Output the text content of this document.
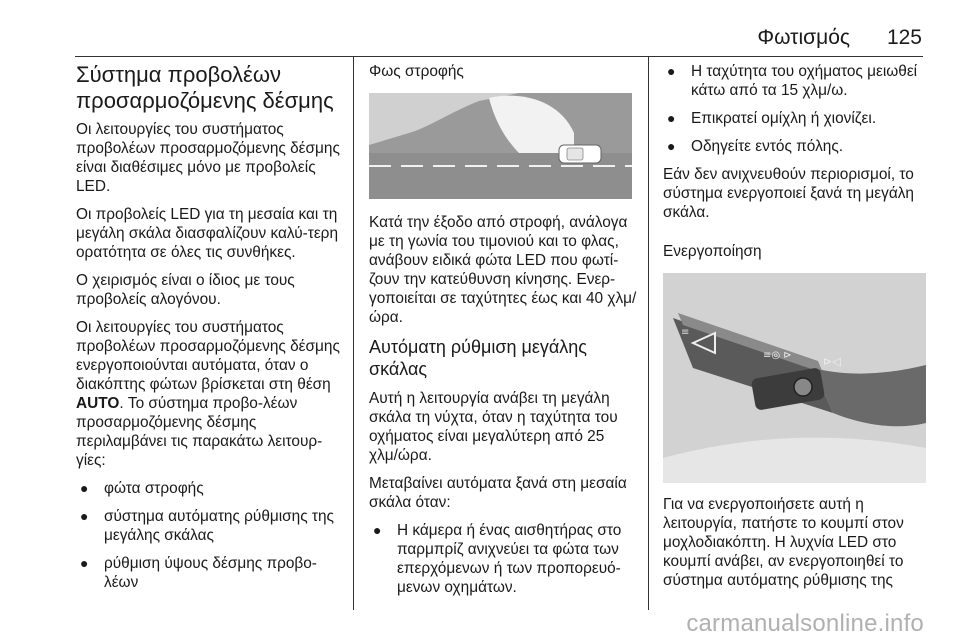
Φωτισμός 125
Σύστημα προβολέων προσαρμοζόμενης δέσμης

Οι λειτουργίες του συστήματος προβολέων προσαρμοζόμενης δέσμης είναι διαθέσιμες μόνο με προβολείς LED.

Οι προβολείς LED για τη μεσαία και τη μεγάλη σκάλα διασφαλίζουν καλύ-τερη ορατότητα σε όλες τις συνθήκες.

Ο χειρισμός είναι ο ίδιος με τους προβολείς αλογόνου.

Οι λειτουργίες του συστήματος προβολέων προσαρμοζόμενης δέσμης ενεργοποιούνται αυτόματα, όταν ο διακόπτης φώτων βρίσκεται στη θέση AUTO. Το σύστημα προβο-λέων προσαρμοζόμενης δέσμης περιλαμβάνει τις παρακάτω λειτουρ-γίες:

● φώτα στροφής
● σύστημα αυτόματης ρύθμισης της μεγάλης σκάλας
● ρύθμιση ύψους δέσμης προβο-λέων
Φως στροφής

Κατά την έξοδο από στροφή, ανάλογα με τη γωνία του τιμονιού και το φλας, ανάβουν ειδικά φώτα LED που φωτί-ζουν την κατεύθυνση κίνησης. Ενερ-γοποιείται σε ταχύτητες έως και 40 χλμ/ώρα.

Αυτόματη ρύθμιση μεγάλης σκάλας

Αυτή η λειτουργία ανάβει τη μεγάλη σκάλα τη νύχτα, όταν η ταχύτητα του οχήματος είναι μεγαλύτερη από 25 χλμ/ώρα.

Μεταβαίνει αυτόματα ξανά στη μεσαία σκάλα όταν:

● Η κάμερα ή ένας αισθητήρας στο παρμπρίζ ανιχνεύει τα φώτα των επερχόμενων ή των προπορευό-μενων οχημάτων.
● Η ταχύτητα του οχήματος μειωθεί κάτω από τα 15 χλμ/ω.
● Επικρατεί ομίχλη ή χιονίζει.
● Οδηγείτε εντός πόλης.

Εάν δεν ανιχνευθούν περιορισμοί, το σύστημα ενεργοποιεί ξανά τη μεγάλη σκάλα.

Ενεργοποίηση
≡◎ ⊳	⊳◁
≡

Για να ενεργοποιήσετε αυτή η λειτουργία, πατήστε το κουμπί στον μοχλοδιακόπτη. Η λυχνία LED στο κουμπί ανάβει, αν ενεργοποιηθεί το σύστημα αυτόματης ρύθμισης της

carmanualsonline.info
